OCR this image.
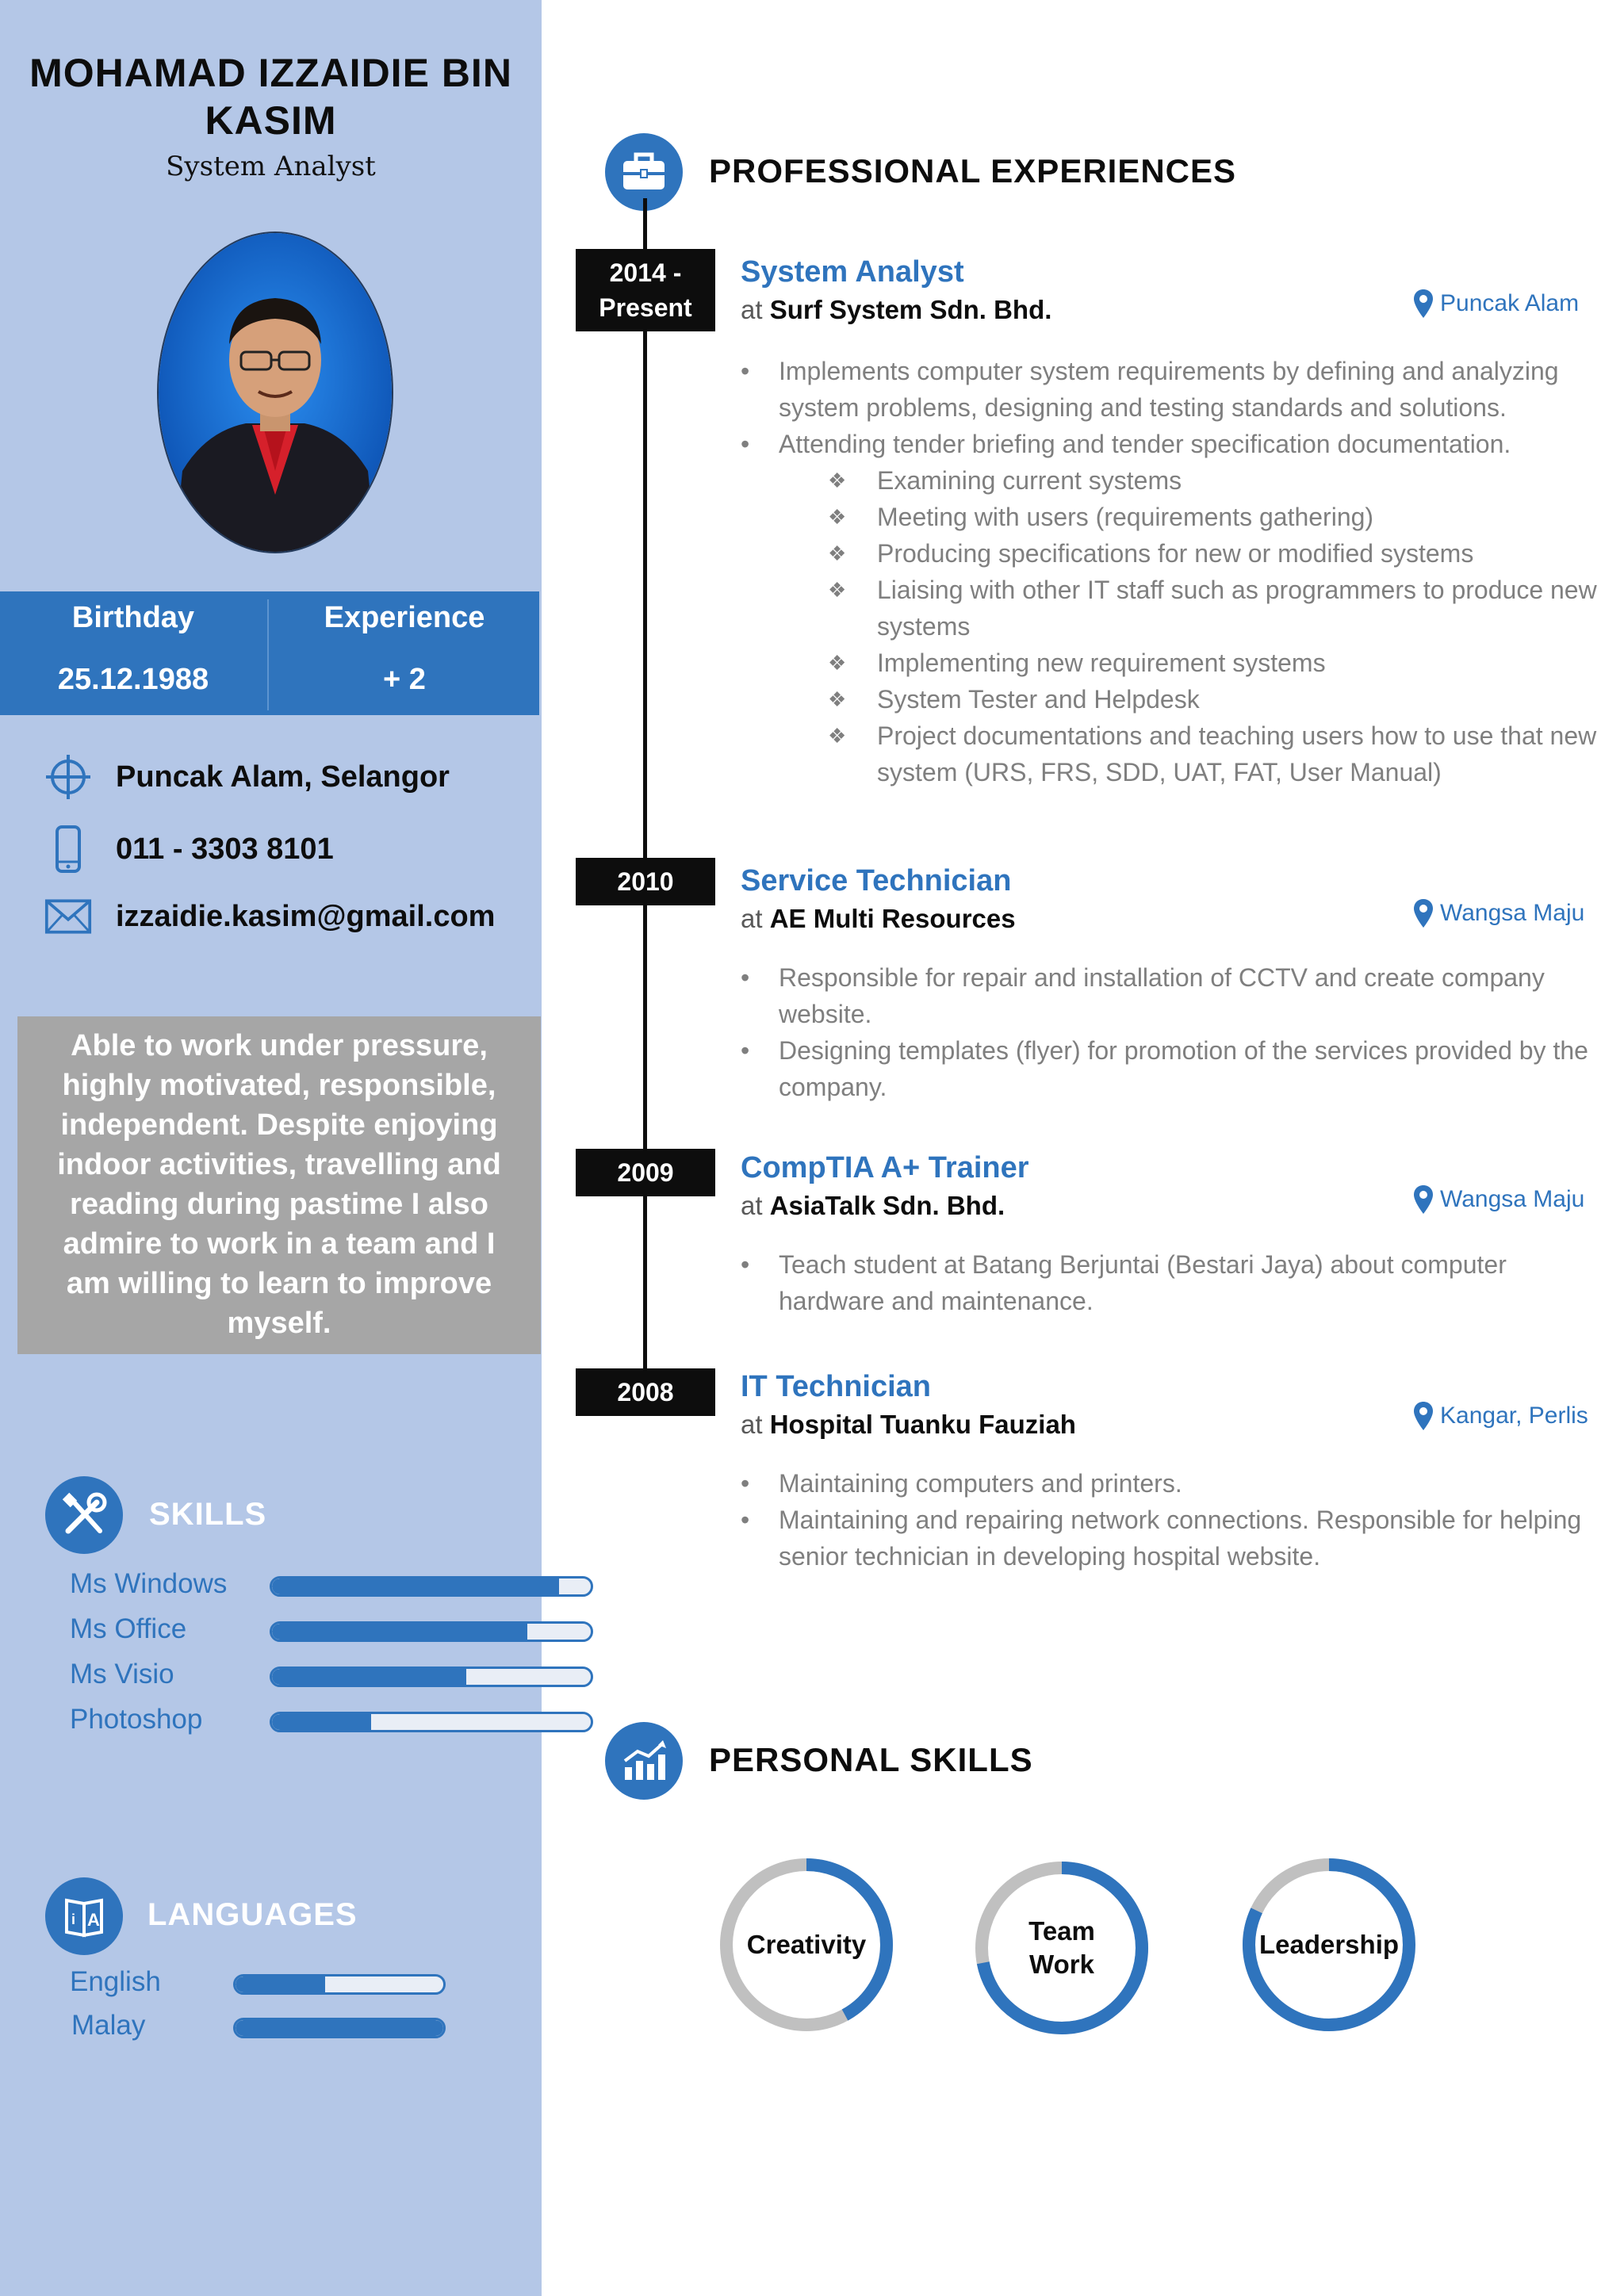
MOHAMAD IZZAIDIE BIN KASIM
System Analyst
Birthday
25.12.1988
Experience
+ 2
Puncak Alam, Selangor
011 - 3303 8101
izzaidie.kasim@gmail.com
Able to work under pressure, highly motivated, responsible, independent. Despite enjoying indoor activities, travelling and reading during pastime I also admire to work in a team and I am willing to learn to improve myself.
SKILLS
Ms Windows
Ms Office
Ms Visio
Photoshop
i A LANGUAGES
English
Malay
PROFESSIONAL EXPERIENCES
2014 -
Present
System Analyst
at Surf System Sdn. Bhd.	Puncak Alam
• Implements computer system requirements by defining and analyzing system problems, designing and testing standards and solutions.
• Attending tender briefing and tender specification documentation.
❖ Examining current systems
❖ Meeting with users (requirements gathering)
❖ Producing specifications for new or modified systems
❖ Liaising with other IT staff such as programmers to produce new systems
❖ Implementing new requirement systems
❖ System Tester and Helpdesk
❖ Project documentations and teaching users how to use that new system (URS, FRS, SDD, UAT, FAT, User Manual)
2010	Service Technician
at AE Multi Resources	Wangsa Maju
• Responsible for repair and installation of CCTV and create company website.
• Designing templates (flyer) for promotion of the services provided by the company.
2009	CompTIA A+ Trainer
at AsiaTalk Sdn. Bhd.	Wangsa Maju
• Teach student at Batang Berjuntai (Bestari Jaya) about computer hardware and maintenance.
2008	IT Technician
at Hospital Tuanku Fauziah	Kangar, Perlis
• Maintaining computers and printers.
• Maintaining and repairing network connections. Responsible for helping senior technician in developing hospital website.
PERSONAL SKILLS
Creativity	Team
Work
Leadership
